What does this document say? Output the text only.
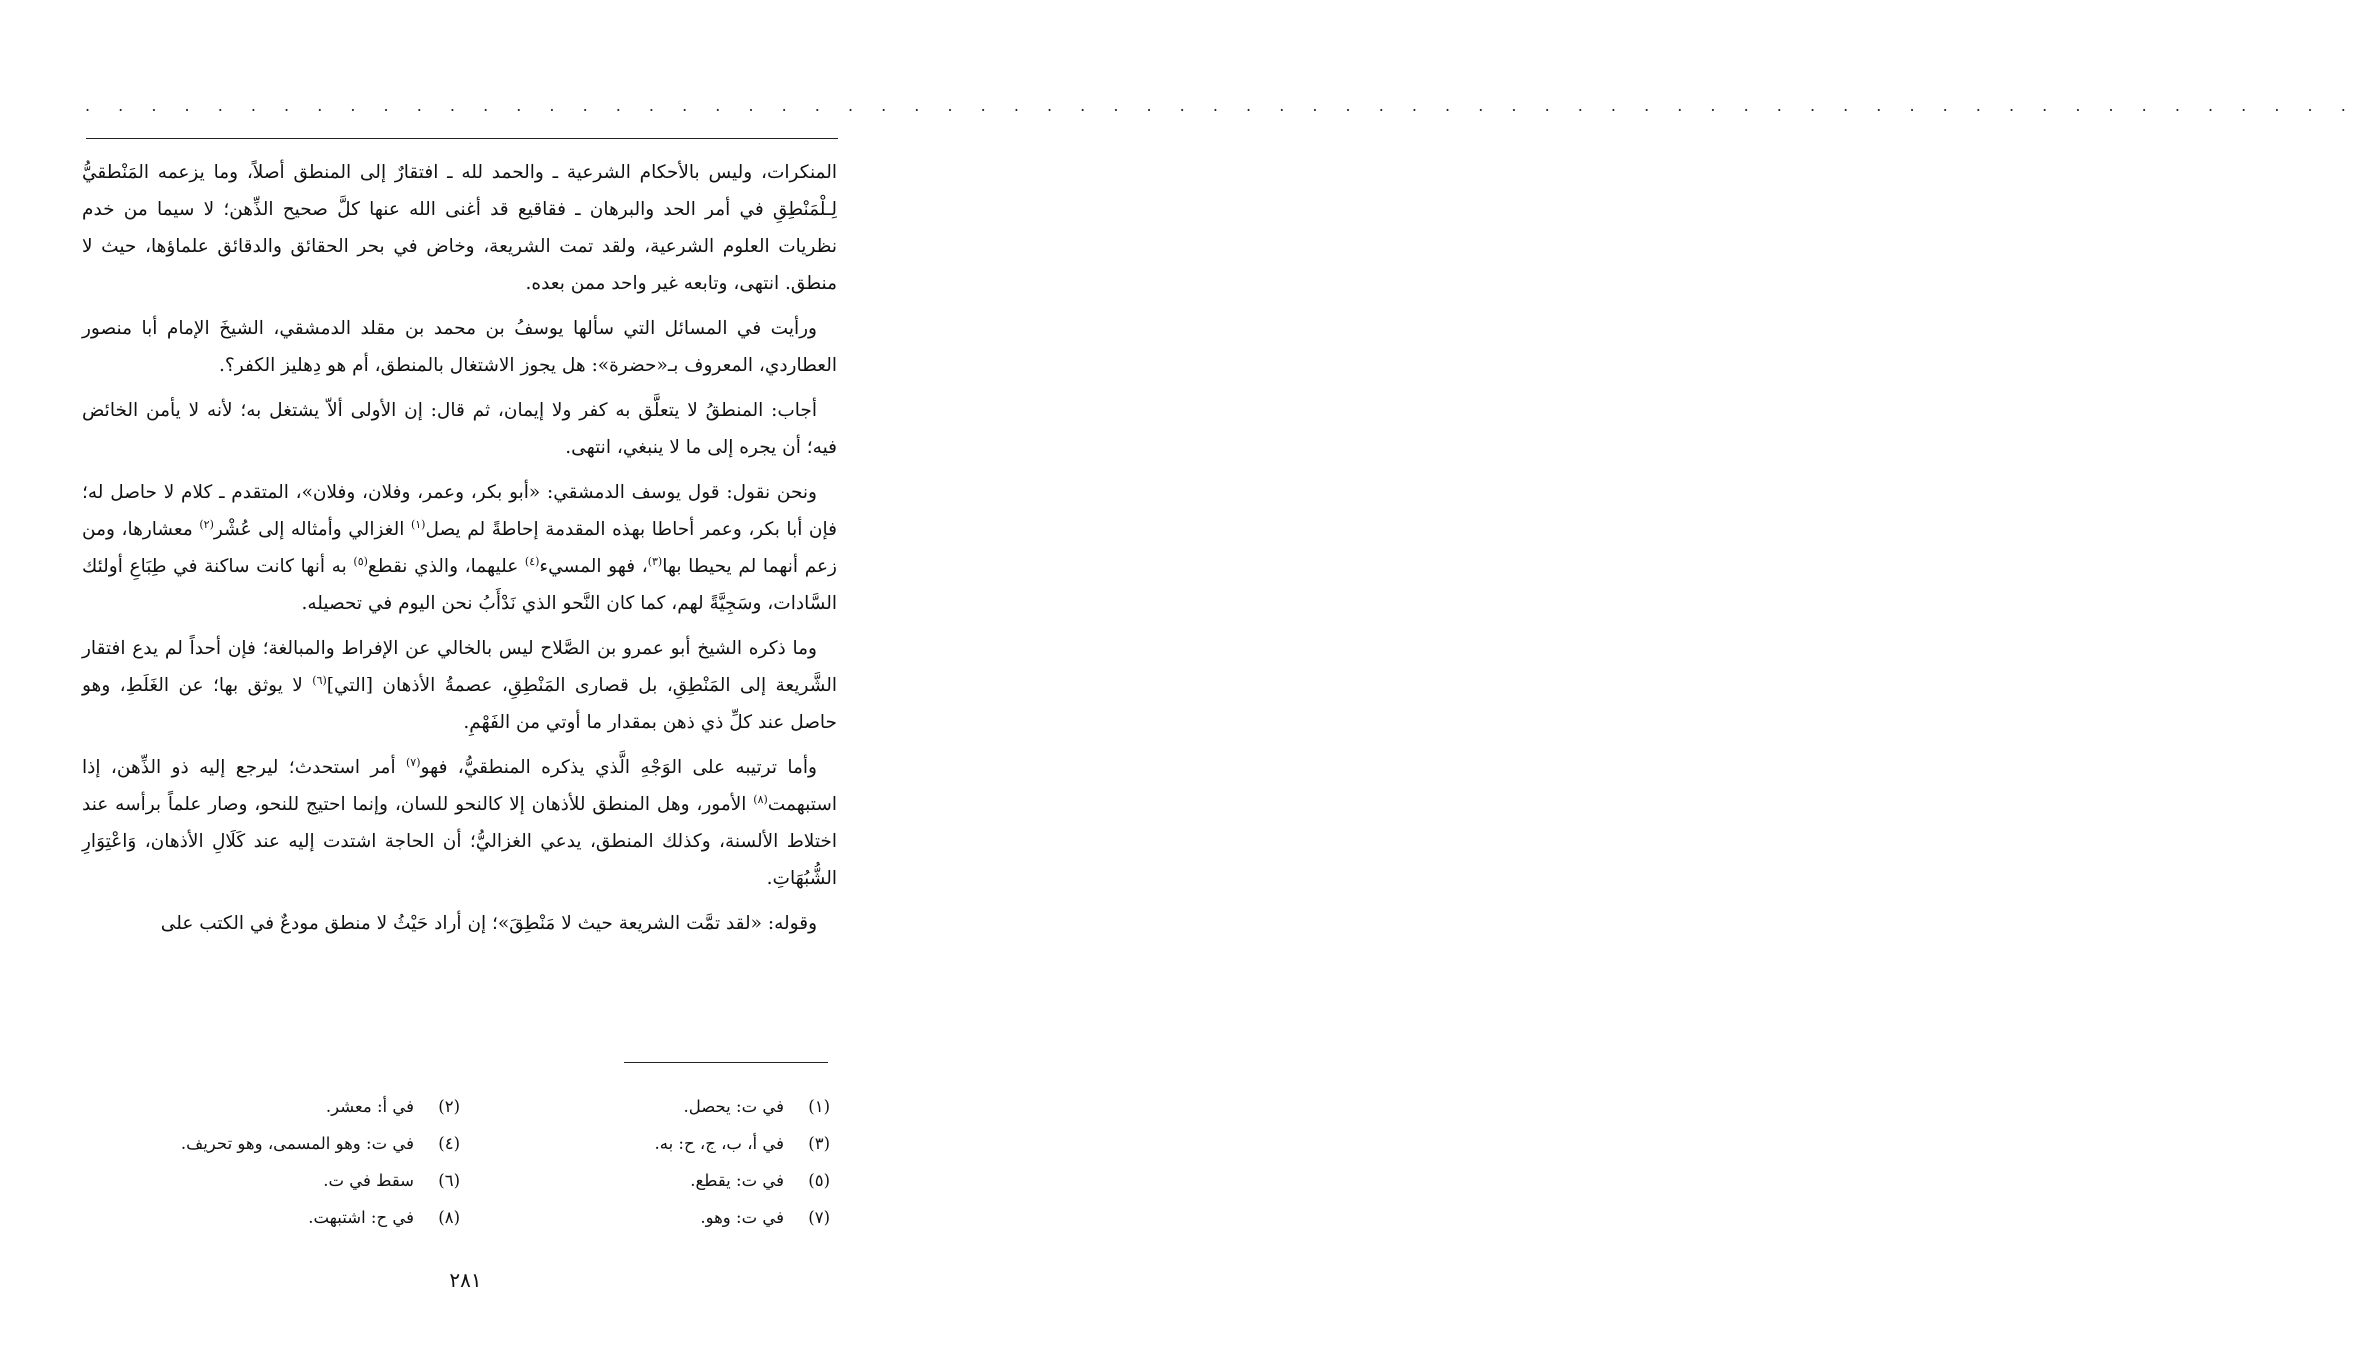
. . . . . . . . . . . . . . . . . . . . . . . . . . . . . . . . . . . . . . . . . . . . . . . . . . . . . . . . . . . . . . . . . . . . .

المنكرات، وليس بالأحكام الشرعية ـ والحمد لله ـ افتقارٌ إلى المنطق أصلاً، وما يزعمه المَنْطقيُّ لِـلْمَنْطِقِ في أمر الحد والبرهان ـ فقاقيع قد أغنى الله عنها كلَّ صحيح الذِّهن؛ لا سيما من خدم نظريات العلوم الشرعية، ولقد تمت الشريعة، وخاض في بحر الحقائق والدقائق علماؤها، حيث لا منطق. انتهى، وتابعه غير واحد ممن بعده.

ورأيت في المسائل التي سألها يوسفُ بن محمد بن مقلد الدمشقي، الشيخَ الإمام أبا منصور العطاردي، المعروف بـ«حضرة»: هل يجوز الاشتغال بالمنطق، أم هو دِهليز الكفر؟.

أجاب: المنطقُ لا يتعلَّق به كفر ولا إيمان، ثم قال: إن الأولى ألاّ يشتغل به؛ لأنه لا يأمن الخائض فيه؛ أن يجره إلى ما لا ينبغي، انتهى.

ونحن نقول: قول يوسف الدمشقي: «أبو بكر، وعمر، وفلان، وفلان»، المتقدم ـ كلام لا حاصل له؛ فإن أبا بكر، وعمر أحاطا بهذه المقدمة إحاطةً لم يصل$^{(١)}$ الغزالي وأمثاله إلى عُشْر$^{(٢)}$ معشارها، ومن زعم أنهما لم يحيطا بها$^{(٣)}$، فهو المسيء$^{(٤)}$ عليهما، والذي نقطع$^{(٥)}$ به أنها كانت ساكنة في طِبَاعِ أولئك السَّادات، وسَجِيَّةً لهم، كما كان النَّحو الذي نَدْأَبُ نحن اليوم في تحصيله.

وما ذكره الشيخ أبو عمرو بن الصَّلاح ليس بالخالي عن الإفراط والمبالغة؛ فإن أحداً لم يدع افتقار الشَّريعة إلى المَنْطِقِ، بل قصارى المَنْطِقِ، عصمةُ الأذهان [التي]$^{(٦)}$ لا يوثق بها؛ عن الغَلَطِ، وهو حاصل عند كلِّ ذي ذهن بمقدار ما أوتي من الفَهْمِ.

وأما ترتيبه على الوَجْهِ الَّذي يذكره المنطقيُّ، فهو$^{(٧)}$ أمر استحدث؛ ليرجع إليه ذو الذِّهن، إذا استبهمت$^{(٨)}$ الأمور، وهل المنطق للأذهان إلا كالنحو للسان، وإنما احتيج للنحو، وصار علماً برأسه عند اختلاط الألسنة، وكذلك المنطق، يدعي الغزاليُّ؛ أن الحاجة اشتدت إليه عند كَلَالِ الأذهان، وَاعْتِوَارِ الشُّبُهَاتِ.

وقوله: «لقد تمَّت الشريعة حيث لا مَنْطِقَ»؛ إن أراد حَيْثُ لا منطق مودعٌ في الكتب على

(١)
في ت: يحصل.
(٢)
في أ: معشر.
(٣)
في أ، ب، ج، ح: به.
(٤)
في ت: وهو المسمى، وهو تحريف.
(٥)
في ت: يقطع.
(٦)
سقط في ت.
(٧)
في ت: وهو.
(٨)
في ح: اشتبهت.
٢٨١
